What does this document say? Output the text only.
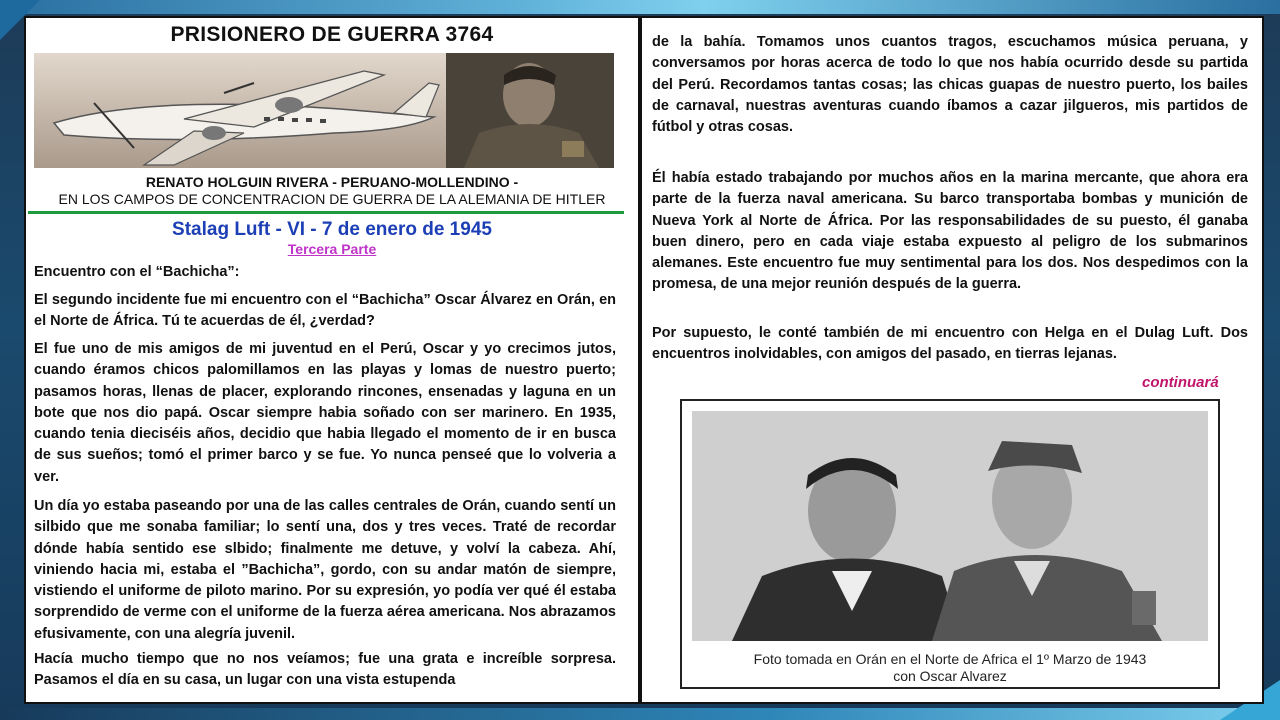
PRISIONERO DE GUERRA 3764
RENATO HOLGUIN RIVERA - PERUANO-MOLLENDINO -
EN LOS CAMPOS DE CONCENTRACION DE GUERRA DE LA ALEMANIA DE HITLER
Stalag Luft - VI - 7 de enero de 1945
Tercera Parte
Encuentro con el “Bachicha”:
El segundo incidente fue mi encuentro con el “Bachicha” Oscar Álvarez en Orán, en el Norte de África. Tú te acuerdas de él, ¿verdad?
El fue uno de mis amigos de mi juventud en el Perú, Oscar y yo crecimos jutos, cuando éramos chicos palomillamos en las playas y lomas de nuestro puerto; pasamos horas, llenas de placer, explorando rincones, ensenadas y laguna en un bote que nos dio papá. Oscar siempre habia soñado con ser marinero. En 1935, cuando tenia dieciséis años, decidio que habia llegado el momento de ir en busca de sus sueños; tomó el primer barco y se fue. Yo nunca penseé que lo volveria a ver.
Un día yo estaba paseando por una de las calles centrales de Orán, cuando sentí un silbido que me sonaba familiar; lo sentí una, dos y tres veces. Traté de recordar dónde había sentido ese slbido; finalmente me detuve, y volví la cabeza. Ahí, viniendo hacia mi, estaba el ”Bachicha”, gordo, con su andar matón de siempre, vistiendo el uniforme de piloto marino. Por su expresión, yo podía ver qué él estaba sorprendido de verme con el uniforme de la fuerza aérea americana. Nos abrazamos efusivamente, con una alegría juvenil.
Hacía mucho tiempo que no nos veíamos; fue una grata e increíble sorpresa. Pasamos el día en su casa, un lugar con una vista estupenda
de la bahía. Tomamos unos cuantos tragos, escuchamos música peruana, y conversamos por horas acerca de todo lo que nos había ocurrido desde su partida del Perú. Recordamos tantas cosas; las chicas guapas de nuestro puerto, los bailes de carnaval, nuestras aventuras cuando íbamos a cazar jilgueros, mis partidos de fútbol y otras cosas.
Él había estado trabajando por muchos años en la marina mercante, que ahora era parte de la fuerza naval americana. Su barco transportaba bombas y munición de Nueva York al Norte de África. Por las responsabilidades de su puesto, él ganaba buen dinero, pero en cada viaje estaba expuesto al peligro de los submarinos alemanes. Este encuentro fue muy sentimental para los dos. Nos despedimos con la promesa, de una mejor reunión después de la guerra.
Por supuesto, le conté también de mi encuentro con Helga en el Dulag Luft. Dos encuentros inolvidables, con amigos del pasado, en tierras lejanas.
continuará
Foto tomada en Orán en el Norte de Africa el 1º Marzo de 1943
con Oscar Alvarez
